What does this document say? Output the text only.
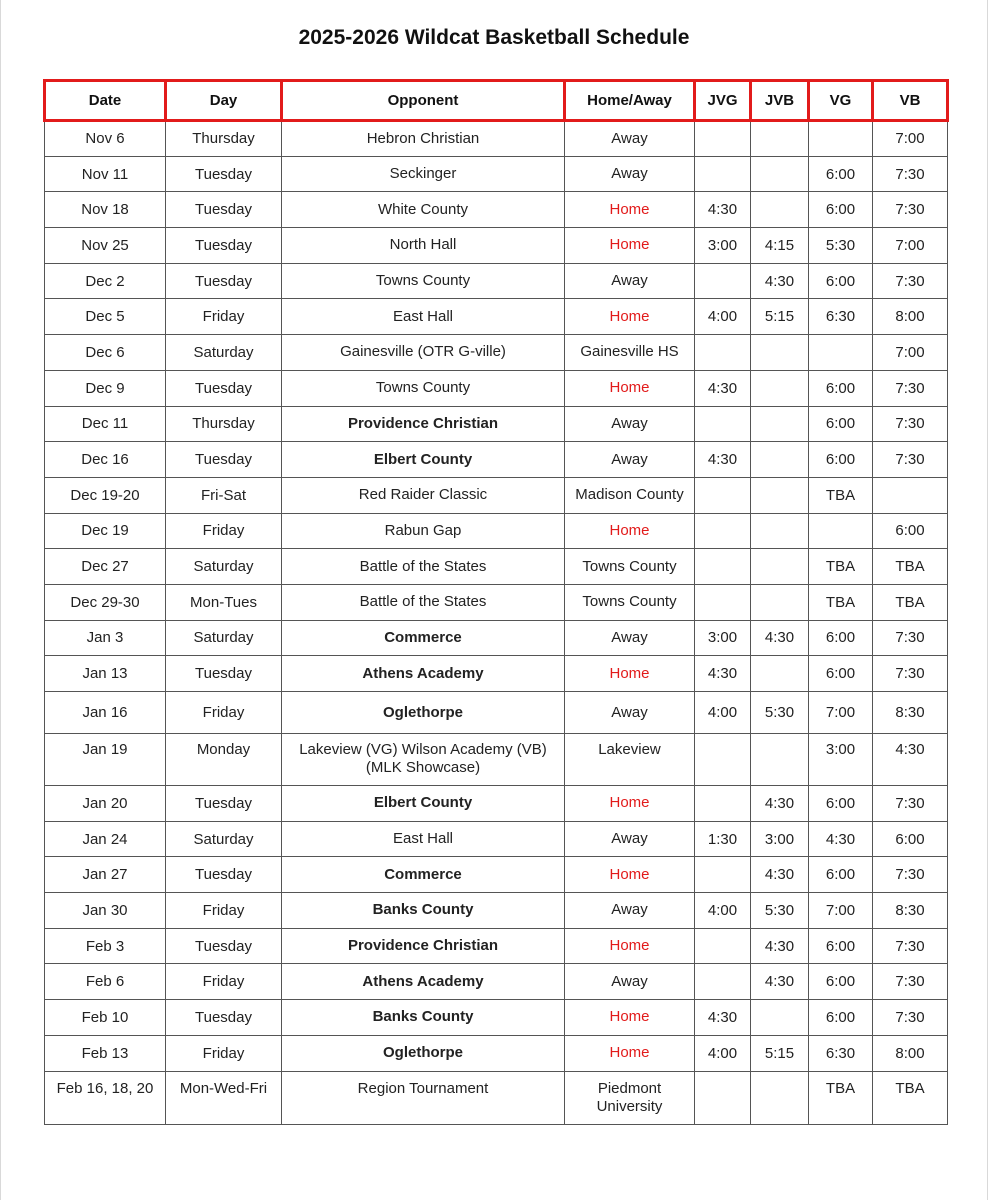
2025-2026 Wildcat Basketball Schedule
Date	Day	Opponent	Home/Away	JVG	JVB	VG	VB
Nov 6	Thursday	Hebron Christian	Away				7:00
Nov 11	Tuesday	Seckinger	Away			6:00	7:30
Nov 18	Tuesday	White County	Home	4:30		6:00	7:30
Nov 25	Tuesday	North Hall	Home	3:00	4:15	5:30	7:00
Dec 2	Tuesday	Towns County	Away		4:30	6:00	7:30
Dec 5	Friday	East Hall	Home	4:00	5:15	6:30	8:00
Dec 6	Saturday	Gainesville (OTR G-ville)	Gainesville HS				7:00
Dec 9	Tuesday	Towns County	Home	4:30		6:00	7:30
Dec 11	Thursday	Providence Christian	Away			6:00	7:30
Dec 16	Tuesday	Elbert County	Away	4:30		6:00	7:30
Dec 19-20	Fri-Sat	Red Raider Classic	Madison County			TBA	
Dec 19	Friday	Rabun Gap	Home				6:00
Dec 27	Saturday	Battle of the States	Towns County			TBA	TBA
Dec 29-30	Mon-Tues	Battle of the States	Towns County			TBA	TBA
Jan 3	Saturday	Commerce	Away	3:00	4:30	6:00	7:30
Jan 13	Tuesday	Athens Academy	Home	4:30		6:00	7:30
Jan 16	Friday	Oglethorpe	Away	4:00	5:30	7:00	8:30
Jan 19	Monday	Lakeview (VG) Wilson Academy (VB)
(MLK Showcase)	Lakeview			3:00	4:30
Jan 20	Tuesday	Elbert County	Home		4:30	6:00	7:30
Jan 24	Saturday	East Hall	Away	1:30	3:00	4:30	6:00
Jan 27	Tuesday	Commerce	Home		4:30	6:00	7:30
Jan 30	Friday	Banks County	Away	4:00	5:30	7:00	8:30
Feb 3	Tuesday	Providence Christian	Home		4:30	6:00	7:30
Feb 6	Friday	Athens Academy	Away		4:30	6:00	7:30
Feb 10	Tuesday	Banks County	Home	4:30		6:00	7:30
Feb 13	Friday	Oglethorpe	Home	4:00	5:15	6:30	8:00
Feb 16, 18, 20	Mon-Wed-Fri	Region Tournament	Piedmont
University			TBA	TBA
